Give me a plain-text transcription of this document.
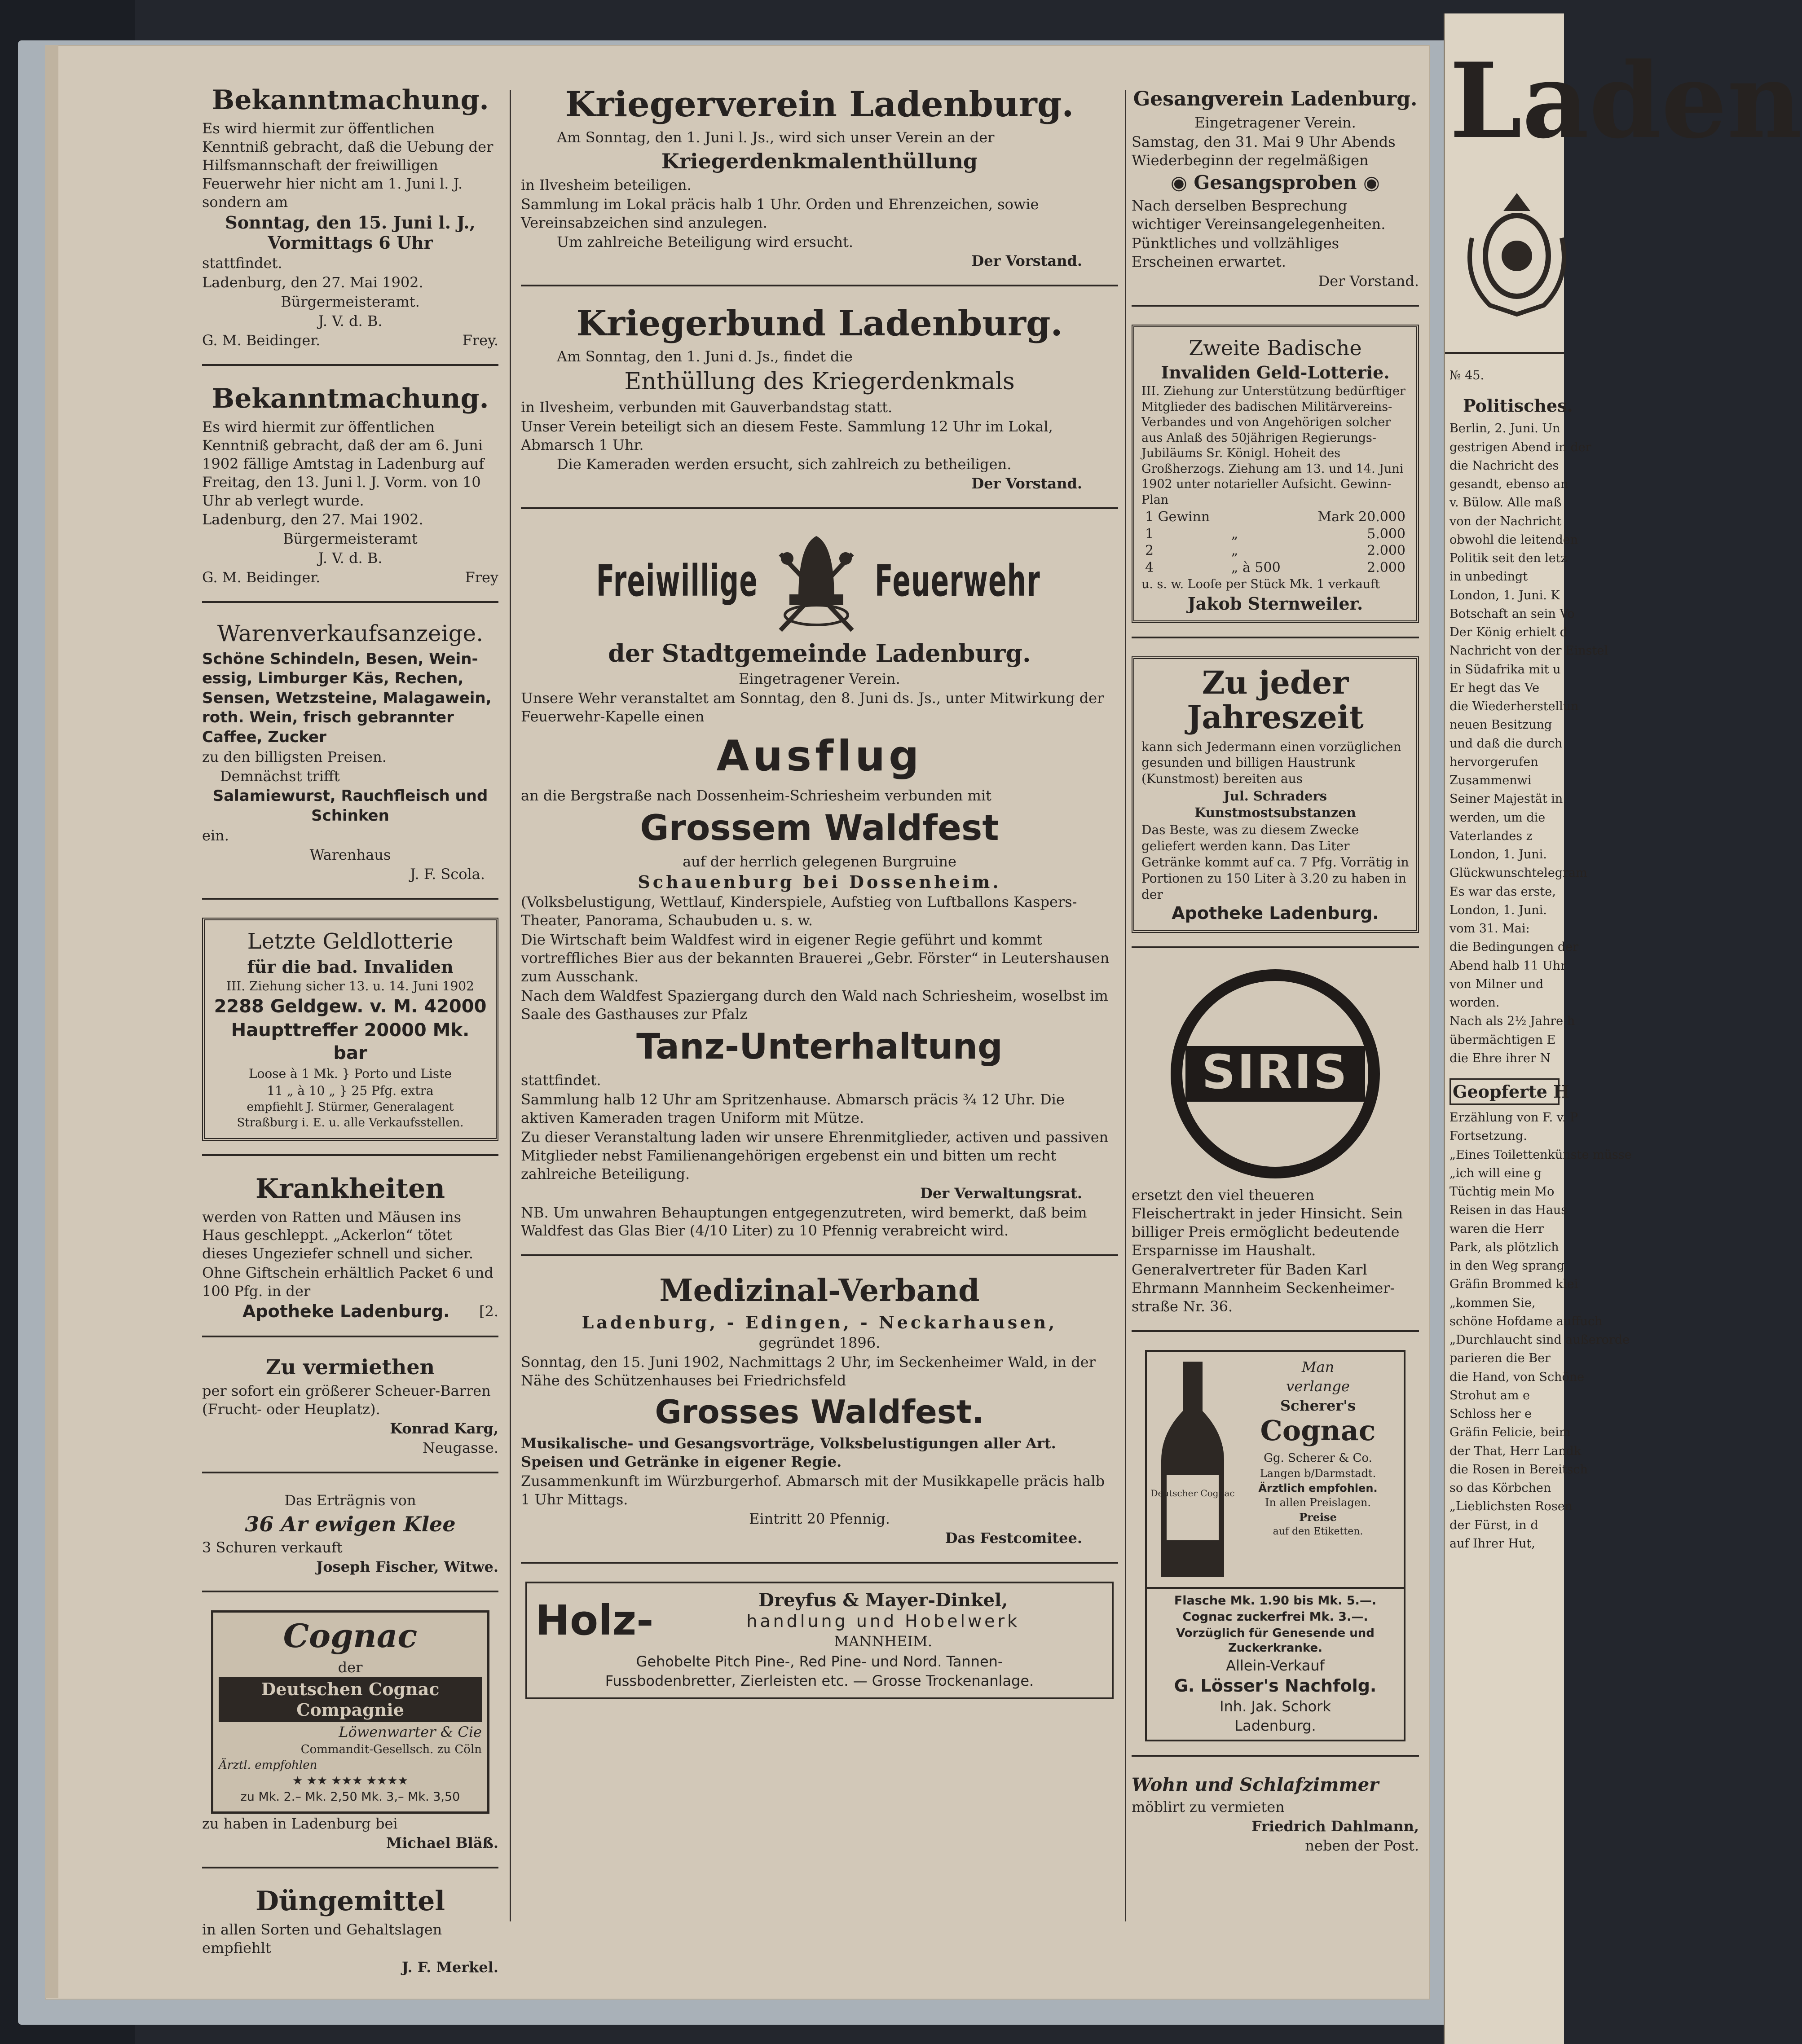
Bekanntmachung.
Es wird hiermit zur öffentlichen Kenntniß gebracht, daß die Uebung der Hilfsmannschaft der freiwilligen Feuerwehr hier nicht am 1. Juni l. J. sondern am
Sonntag, den 15. Juni l. J., Vormittags 6 Uhr
stattfindet.
Ladenburg, den 27. Mai 1902.
Bürgermeisteramt.
J. V. d. B.
G. M. Beidinger.	Frey.
Bekanntmachung.
Es wird hiermit zur öffentlichen Kenntniß gebracht, daß der am 6. Juni 1902 fällige Amtstag in Ladenburg auf Freitag, den 13. Juni l. J. Vorm. von 10 Uhr ab verlegt wurde.
Ladenburg, den 27. Mai 1902.
Bürgermeisteramt
J. V. d. B.
G. M. Beidinger.	Frey
Warenverkaufsanzeige.
Schöne Schindeln, Besen, Wein-essig, Limburger Käs, Rechen, Sensen, Wetzsteine, Malagawein, roth. Wein, frisch gebrannter Caffee, Zucker
zu den billigsten Preisen.
Demnächst trifft
Salamiewurst, Rauchfleisch und Schinken
ein.
Warenhaus
J. F. Scola.
Letzte Geldlotterie
für die bad. Invaliden
III. Ziehung sicher 13. u. 14. Juni 1902
2288 Geldgew. v. M. 42000
Haupttreffer 20000 Mk. bar
Loose à 1 Mk. } Porto und Liste
11 „ à 10 „ } 25 Pfg. extra
empfiehlt J. Stürmer, Generalagent
Straßburg i. E. u. alle Verkaufsstellen.
Krankheiten
werden von Ratten und Mäusen ins Haus geschleppt. „Ackerlon“ tötet dieses Ungeziefer schnell und sicher.
Ohne Giftschein erhältlich Packet 6 und 100 Pfg. in der
Apotheke Ladenburg. [2.
Zu vermiethen
per sofort ein größerer Scheuer-Barren (Frucht- oder Heuplatz).
Konrad Karg,
Neugasse.
Das Erträgnis von
36 Ar ewigen Klee
3 Schuren verkauft
Joseph Fischer, Witwe.
Cognac
der
Deutschen Cognac Compagnie
Löwenwarter & Cie
Commandit-Gesellsch. zu Cöln
Ärztl. empfohlen
★ ★★ ★★★ ★★★★
zu Mk. 2.– Mk. 2,50 Mk. 3,– Mk. 3,50
zu haben in Ladenburg bei
Michael Bläß.
Düngemittel
in allen Sorten und Gehaltslagen empfiehlt
J. F. Merkel.
Kriegerverein Ladenburg.
Am Sonntag, den 1. Juni l. Js., wird sich unser Verein an der
Kriegerdenkmalenthüllung
in Ilvesheim beteiligen.
Sammlung im Lokal präcis halb 1 Uhr. Orden und Ehrenzeichen, sowie Vereinsabzeichen sind anzulegen.
Um zahlreiche Beteiligung wird ersucht.
Der Vorstand.
Kriegerbund Ladenburg.
Am Sonntag, den 1. Juni d. Js., findet die
Enthüllung des Kriegerdenkmals
in Ilvesheim, verbunden mit Gauverbandstag statt.
Unser Verein beteiligt sich an diesem Feste. Sammlung 12 Uhr im Lokal, Abmarsch 1 Uhr.
Die Kameraden werden ersucht, sich zahlreich zu betheiligen.
Der Vorstand.
Freiwillige	Feuerwehr
der Stadtgemeinde Ladenburg.
Eingetragener Verein.
Unsere Wehr veranstaltet am Sonntag, den 8. Juni ds. Js., unter Mitwirkung der Feuerwehr-Kapelle einen
Ausflug
an die Bergstraße nach Dossenheim-Schriesheim verbunden mit
Grossem Waldfest
auf der herrlich gelegenen Burgruine
Schauenburg bei Dossenheim.
(Volksbelustigung, Wettlauf, Kinderspiele, Aufstieg von Luftballons Kaspers-Theater, Panorama, Schaubuden u. s. w.
Die Wirtschaft beim Waldfest wird in eigener Regie geführt und kommt vortreffliches Bier aus der bekannten Brauerei „Gebr. Förster“ in Leutershausen zum Ausschank.
Nach dem Waldfest Spaziergang durch den Wald nach Schriesheim, woselbst im Saale des Gasthauses zur Pfalz
Tanz-Unterhaltung
stattfindet.
Sammlung halb 12 Uhr am Spritzenhause. Abmarsch präcis ¾ 12 Uhr. Die aktiven Kameraden tragen Uniform mit Mütze.
Zu dieser Veranstaltung laden wir unsere Ehrenmitglieder, activen und passiven Mitglieder nebst Familienangehörigen ergebenst ein und bitten um recht zahlreiche Beteiligung.
Der Verwaltungsrat.
NB. Um unwahren Behauptungen entgegenzutreten, wird bemerkt, daß beim Waldfest das Glas Bier (4/10 Liter) zu 10 Pfennig verabreicht wird.
Medizinal-Verband
Ladenburg, - Edingen, - Neckarhausen,
gegründet 1896.
Sonntag, den 15. Juni 1902, Nachmittags 2 Uhr, im Seckenheimer Wald, in der Nähe des Schützenhauses bei Friedrichsfeld
Grosses Waldfest.
Musikalische- und Gesangsvorträge, Volksbelustigungen aller Art. Speisen und Getränke in eigener Regie.
Zusammenkunft im Würzburgerhof. Abmarsch mit der Musikkapelle präcis halb 1 Uhr Mittags.
Eintritt 20 Pfennig.
Das Festcomitee.
Holz-	Dreyfus & Mayer-Dinkel,
handlung und Hobelwerk
MANNHEIM.
Gehobelte Pitch Pine-, Red Pine- und Nord. Tannen-
Fussbodenbretter, Zierleisten etc. — Grosse Trockenanlage.
Gesangverein Ladenburg.
Eingetragener Verein.
Samstag, den 31. Mai 9 Uhr Abends Wiederbeginn der regelmäßigen
◉ Gesangsproben ◉
Nach derselben Besprechung wichtiger Vereinsangelegenheiten.
Pünktliches und vollzähliges Erscheinen erwartet.
Der Vorstand.
Zweite Badische
Invaliden Geld-Lotterie.
III. Ziehung zur Unterstützung bedürftiger Mitglieder des badischen Militärvereins-Verbandes und von Angehörigen solcher aus Anlaß des 50jährigen Regierungs-Jubiläums Sr. Königl. Hoheit des Großherzogs. Ziehung am 13. und 14. Juni 1902 unter notarieller Aufsicht. Gewinn-Plan
1 Gewinn		Mark 20.000
1	„	5.000
2	„	2.000
4	„ à 500	2.000
u. s. w. Looſe per Stück Mk. 1 verkauft
Jakob Sternweiler.
Zu jeder
Jahreszeit
kann sich Jedermann einen vorzüglichen gesunden und billigen Haustrunk (Kunstmost) bereiten aus
Jul. Schraders Kunstmostsubstanzen
Das Beste, was zu diesem Zwecke geliefert werden kann. Das Liter Getränke kommt auf ca. 7 Pfg. Vorrätig in Portionen zu 150 Liter à 3.20 zu haben in der
Apotheke Ladenburg.
SIRIS
ersetzt den viel theueren Fleischertrakt in jeder Hinsicht. Sein billiger Preis ermöglicht bedeutende Ersparnisse im Haushalt.
Generalvertreter für Baden Karl Ehrmann Mannheim Seckenheimer-straße Nr. 36.
Deutscher Cognac
Man
verlange
Scherer's
Cognac
Gg. Scherer & Co.
Langen b/Darmstadt.
Ärztlich empfohlen.
In allen Preislagen.
Preise
auf den Etiketten.
Flasche Mk. 1.90 bis Mk. 5.—.
Cognac zuckerfrei Mk. 3.—.
Vorzüglich für Genesende und Zuckerkranke.
Allein-Verkauf
G. Lösser's Nachfolg.
Inh. Jak. Schork
Ladenburg.
Wohn und Schlafzimmer
möblirt zu vermieten
Friedrich Dahlmann,
neben der Post.
Laden
№ 45.
Politisches.
Berlin, 2. Juni. Un
gestrigen Abend in der
die Nachricht des
gesandt, ebenso an
v. Bülow. Alle maß
von der Nachricht
obwohl die leitenden
Politik seit den letz
in unbedingt
London, 1. Juni. K
Botschaft an sein Vo
Der König erhielt d
Nachricht von der Einstel
in Südafrika mit u
Er hegt das Ve
die Wiederherstellun
neuen Besitzung
und daß die durch
hervorgerufen
Zusammenwi
Seiner Majestät in
werden, um die
Vaterlandes z
London, 1. Juni.
Glückwunschtelegram
Es war das erste,
London, 1. Juni.
vom 31. Mai:
die Bedingungen der
Abend halb 11 Uhr
von Milner und
worden.
Nach als 2½ Jahre h
übermächtigen E
die Ehre ihrer N
Geopferte H
Erzählung von F. v. P
Fortsetzung.
„Eines Toilettenkünste müsse
„ich will eine g
Tüchtig mein Mo
Reisen in das Haus
waren die Herr
Park, als plötzlich
in den Weg sprang
Gräfin Brommed klei
„kommen Sie,
schöne Hofdame auffuch
„Durchlaucht sind außerorde
parieren die Ber
die Hand, von Schöne
Strohut am e
Schloss her e
Gräfin Felicie, beim
der That, Herr Landk
die Rosen in Bereitsch
so das Körbchen
„Lieblichsten Rosen
der Fürst, in d
auf Ihrer Hut,
